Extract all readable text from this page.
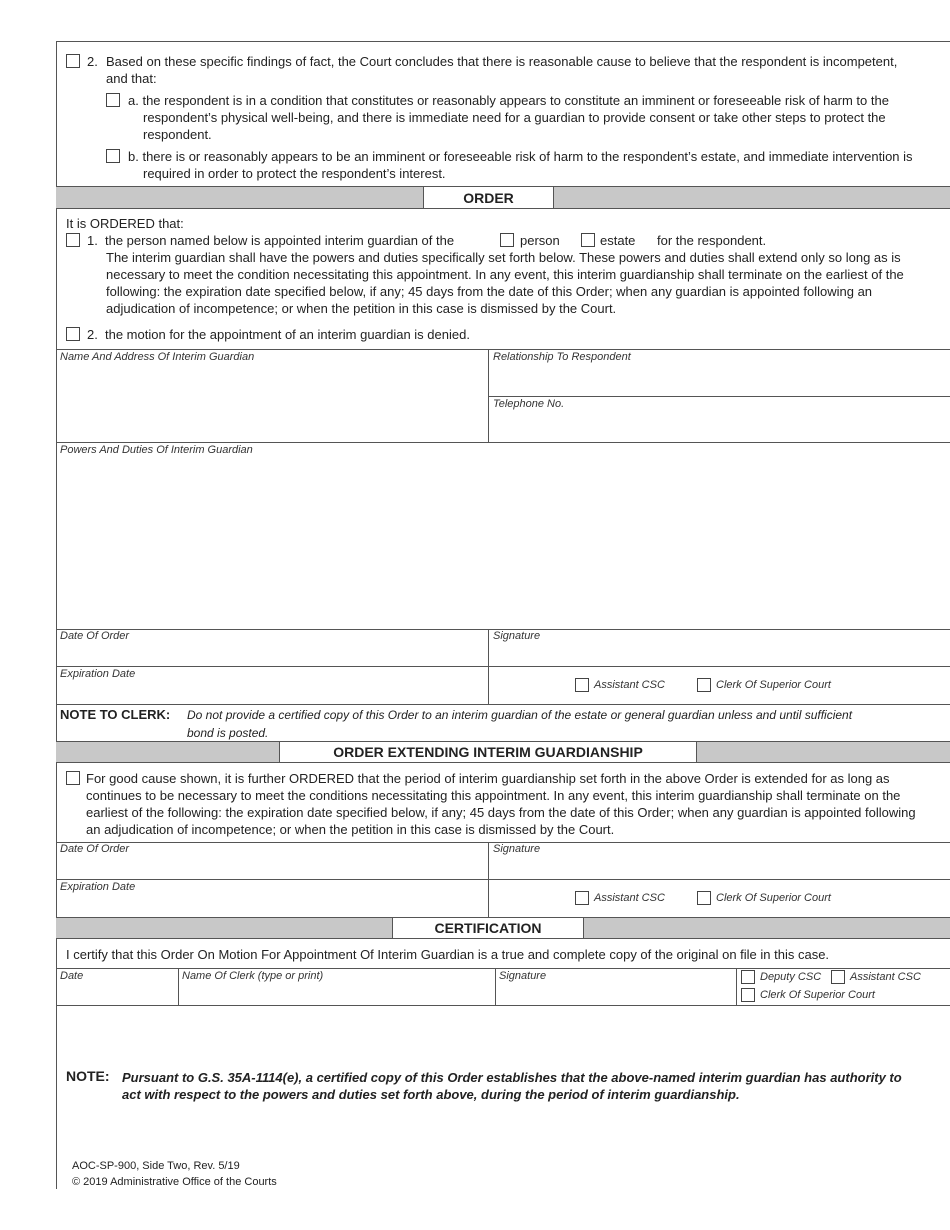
2. Based on these specific findings of fact, the Court concludes that there is reasonable cause to believe that the respondent is incompetent, and that:
a. the respondent is in a condition that constitutes or reasonably appears to constitute an imminent or foreseeable risk of harm to the respondent’s physical well-being, and there is immediate need for a guardian to provide consent or take other steps to protect the respondent.
b. there is or reasonably appears to be an imminent or foreseeable risk of harm to the respondent’s estate, and immediate intervention is required in order to protect the respondent’s interest.
ORDER
It is ORDERED that:
1. the person named below is appointed interim guardian of the	person	estate for the respondent.
The interim guardian shall have the powers and duties specifically set forth below. These powers and duties shall extend only so long as is necessary to meet the condition necessitating this appointment. In any event, this interim guardianship shall terminate on the earliest of the following: the expiration date specified below, if any; 45 days from the date of this Order; when any guardian is appointed following an adjudication of incompetence; or when the petition in this case is dismissed by the Court.
2. the motion for the appointment of an interim guardian is denied.
Name And Address Of Interim Guardian	Relationship To Respondent
Telephone No.
Powers And Duties Of Interim Guardian
Date Of Order	Signature
Expiration Date
Assistant CSC	Clerk Of Superior Court
NOTE TO CLERK: Do not provide a certified copy of this Order to an interim guardian of the estate or general guardian unless and until sufficient
bond is posted.
ORDER EXTENDING INTERIM GUARDIANSHIP
For good cause shown, it is further ORDERED that the period of interim guardianship set forth in the above Order is extended for as long as continues to be necessary to meet the conditions necessitating this appointment. In any event, this interim guardianship shall terminate on the earliest of the following: the expiration date specified below, if any; 45 days from the date of this Order; when any guardian is appointed following an adjudication of incompetence; or when the petition in this case is dismissed by the Court.
Date Of Order	Signature
Expiration Date
Assistant CSC	Clerk Of Superior Court
CERTIFICATION
I certify that this Order On Motion For Appointment Of Interim Guardian is a true and complete copy of the original on file in this case.
Date	Name Of Clerk (type or print)	Signature	Deputy CSC	Assistant CSC
Clerk Of Superior Court
NOTE: Pursuant to G.S. 35A-1114(e), a certified copy of this Order establishes that the above-named interim guardian has authority to act with respect to the powers and duties set forth above, during the period of interim guardianship.
AOC-SP-900, Side Two, Rev. 5/19
© 2019 Administrative Office of the Courts
